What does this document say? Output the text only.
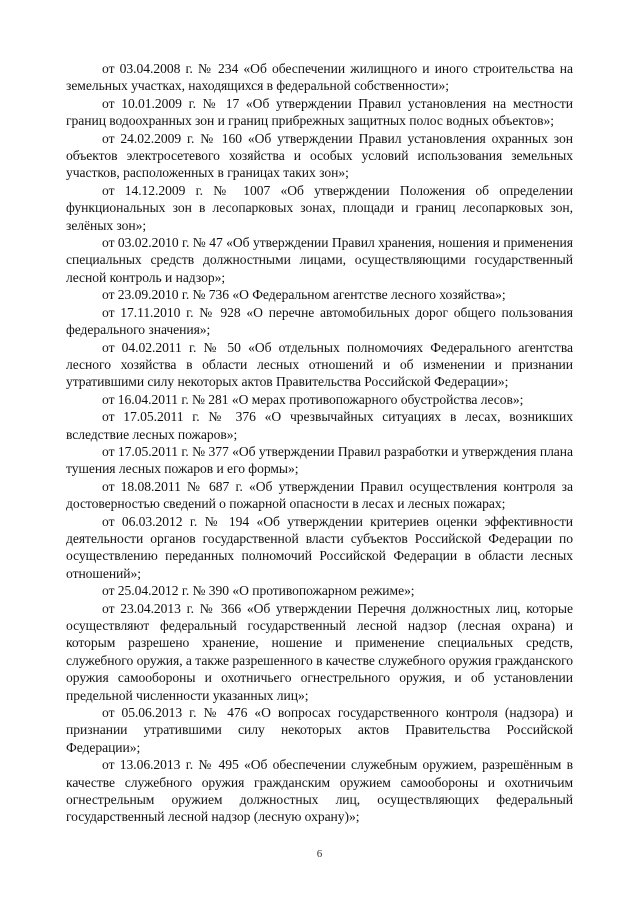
от 03.04.2008 г. № 234 «Об обеспечении жилищного и иного строительства на земельных участках, находящихся в федеральной собственности»;

от 10.01.2009 г. № 17 «Об утверждении Правил установления на местности границ водоохранных зон и границ прибрежных защитных полос водных объектов»;

от 24.02.2009 г. № 160 «Об утверждении Правил установления охранных зон объектов электросетевого хозяйства и особых условий использования земельных участков, расположенных в границах таких зон»;

от 14.12.2009 г. № 1007 «Об утверждении Положения об определении функциональных зон в лесопарковых зонах, площади и границ лесопарковых зон, зелёных зон»;

от 03.02.2010 г. № 47 «Об утверждении Правил хранения, ношения и применения специальных средств должностными лицами, осуществляющими государственный лесной контроль и надзор»;

от 23.09.2010 г. № 736 «О Федеральном агентстве лесного хозяйства»;

от 17.11.2010 г. № 928 «О перечне автомобильных дорог общего пользования федерального значения»;

от 04.02.2011 г. № 50 «Об отдельных полномочиях Федерального агентства лесного хозяйства в области лесных отношений и об изменении и признании утратившими силу некоторых актов Правительства Российской Федерации»;

от 16.04.2011 г. № 281 «О мерах противопожарного обустройства лесов»;

от 17.05.2011 г. № 376 «О чрезвычайных ситуациях в лесах, возникших вследствие лесных пожаров»;

от 17.05.2011 г. № 377 «Об утверждении Правил разработки и утверждения плана тушения лесных пожаров и его формы»;

от 18.08.2011 № 687 г. «Об утверждении Правил осуществления контроля за достоверностью сведений о пожарной опасности в лесах и лесных пожарах;

от 06.03.2012 г. № 194 «Об утверждении критериев оценки эффективности деятельности органов государственной власти субъектов Российской Федерации по осуществлению переданных полномочий Российской Федерации в области лесных отношений»;

от 25.04.2012 г. № 390 «О противопожарном режиме»;

от 23.04.2013 г. № 366 «Об утверждении Перечня должностных лиц, которые осуществляют федеральный государственный лесной надзор (лесная охрана) и которым разрешено хранение, ношение и применение специальных средств, служебного оружия, а также разрешенного в качестве служебного оружия гражданского оружия самообороны и охотничьего огнестрельного оружия, и об установлении предельной численности указанных лиц»;

от 05.06.2013 г. № 476 «О вопросах государственного контроля (надзора) и признании утратившими силу некоторых актов Правительства Российской Федерации»;

от 13.06.2013 г. № 495 «Об обеспечении служебным оружием, разрешённым в качестве служебного оружия гражданским оружием самообороны и охотничьим огнестрельным оружием должностных лиц, осуществляющих федеральный государственный лесной надзор (лесную охрану)»;

6
